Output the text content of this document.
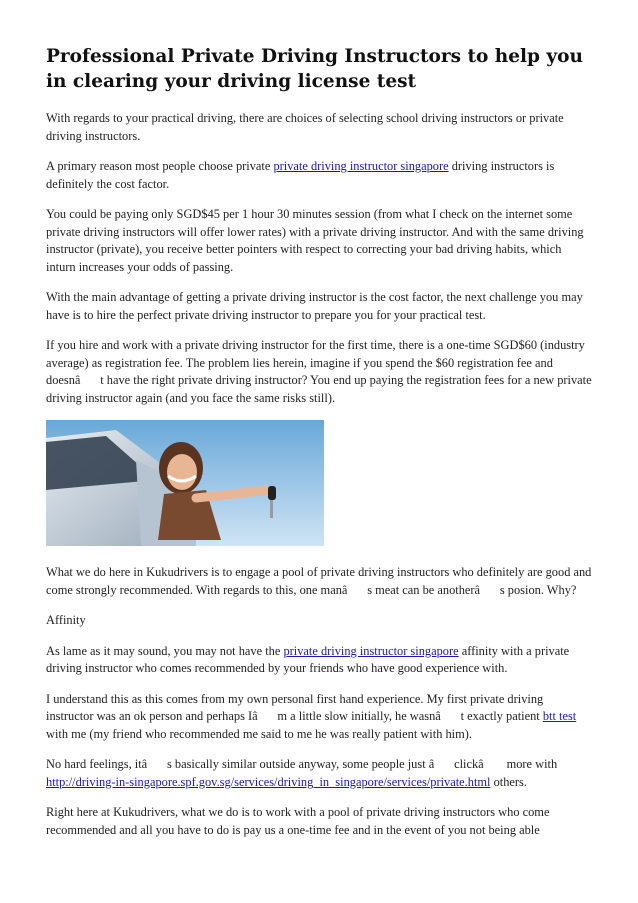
Professional Private Driving Instructors to help you in clearing your driving license test

With regards to your practical driving, there are choices of selecting school driving instructors or private driving instructors.

A primary reason most people choose private private driving instructor singapore driving instructors is definitely the cost factor.

You could be paying only SGD$45 per 1 hour 30 minutes session (from what I check on the internet some private driving instructors will offer lower rates) with a private driving instructor. And with the same driving instructor (private), you receive better pointers with respect to correcting your bad driving habits, which inturn increases your odds of passing.

With the main advantage of getting a private driving instructor is the cost factor, the next challenge you may have is to hire the perfect private driving instructor to prepare you for your practical test.

If you hire and work with a private driving instructor for the first time, there is a one-time SGD$60 (industry average) as registration fee. The problem lies herein, imagine if you spend the $60 registration fee and doesnât have the right private driving instructor? You end up paying the registration fees for a new private driving instructor again (and you face the same risks still).

What we do here in Kukudrivers is to engage a pool of private driving instructors who definitely are good and come strongly recommended. With regards to this, one manâs meat can be anotherâs posion. Why?

Affinity

As lame as it may sound, you may not have the private driving instructor singapore affinity with a private driving instructor who comes recommended by your friends who have good experience with.

I understand this as this comes from my own personal first hand experience. My first private driving instructor was an ok person and perhaps Iâm a little slow initially, he wasnât exactly patient btt test with me (my friend who recommended me said to me he was really patient with him).

No hard feelings, itâs basically similar outside anyway, some people just âclickâ more with http://driving-in-singapore.spf.gov.sg/services/driving_in_singapore/services/private.html others.

Right here at Kukudrivers, what we do is to work with a pool of private driving instructors who come recommended and all you have to do is pay us a one-time fee and in the event of you not being able
